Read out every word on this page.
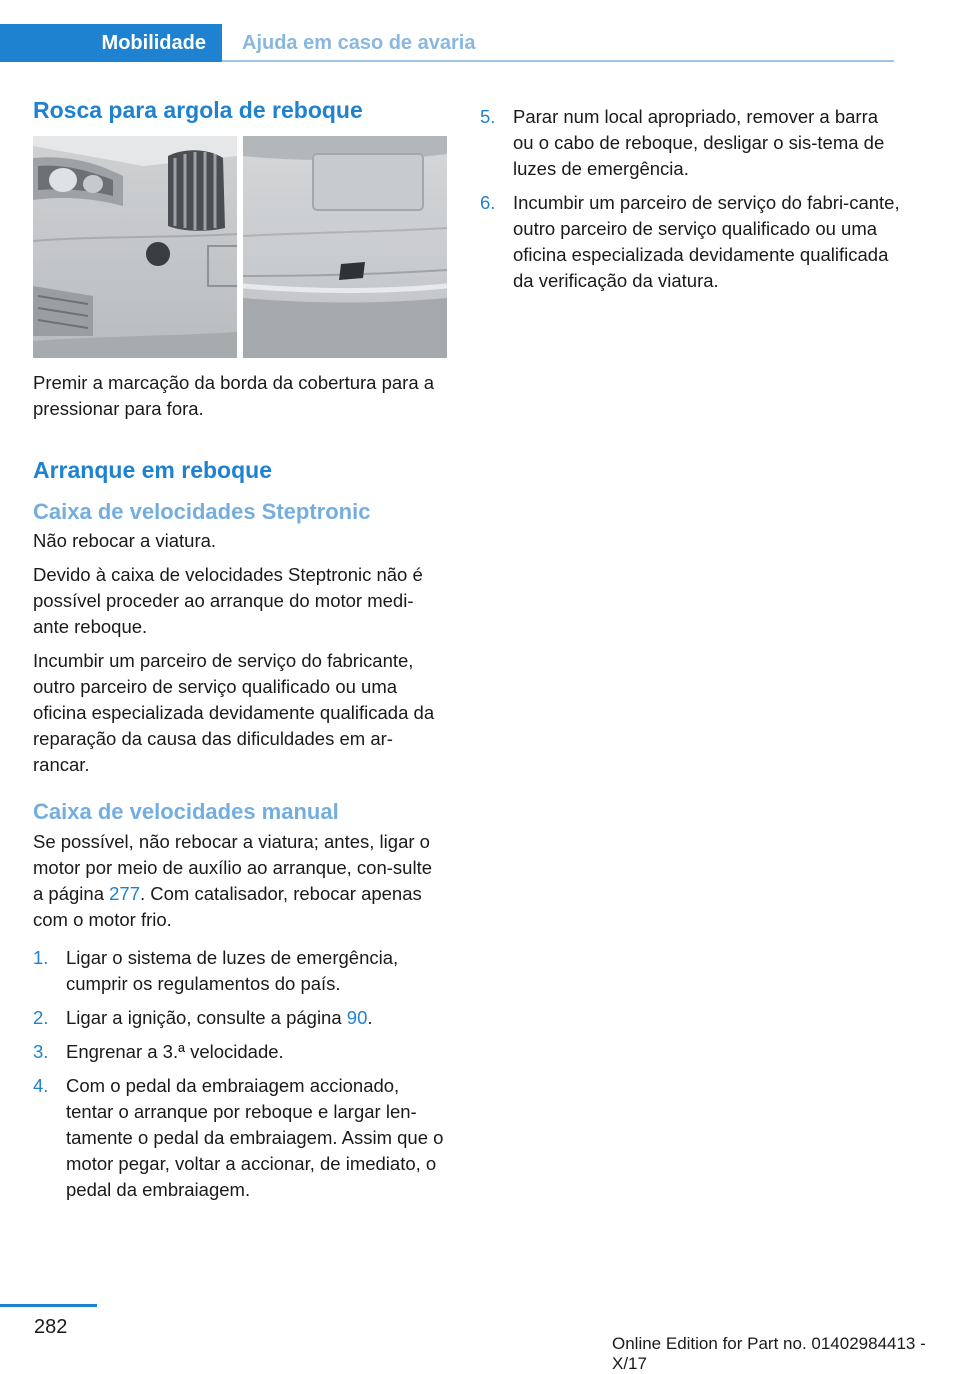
Mobilidade Ajuda em caso de avaria
Rosca para argola de reboque

Premir a marcação da borda da cobertura para a pressionar para fora.

Arranque em reboque
Caixa de velocidades Steptronic

Não rebocar a viatura.

Devido à caixa de velocidades Steptronic não é possível proceder ao arranque do motor medi‐ante reboque.

Incumbir um parceiro de serviço do fabricante, outro parceiro de serviço qualificado ou uma oficina especializada devidamente qualificada da reparação da causa das dificuldades em ar‐rancar.

Caixa de velocidades manual

Se possível, não rebocar a viatura; antes, ligar o motor por meio de auxílio ao arranque, con‐sulte a página 277. Com catalisador, rebocar apenas com o motor frio.

1. Ligar o sistema de luzes de emergência, cumprir os regulamentos do país.
2. Ligar a ignição, consulte a página 90.
3. Engrenar a 3.ª velocidade.
4. Com o pedal da embraiagem accionado, tentar o arranque por reboque e largar len‐tamente o pedal da embraiagem. Assim que o motor pegar, voltar a accionar, de imediato, o pedal da embraiagem.
5. Parar num local apropriado, remover a barra ou o cabo de reboque, desligar o sis‐tema de luzes de emergência.
6. Incumbir um parceiro de serviço do fabri‐cante, outro parceiro de serviço qualificado ou uma oficina especializada devidamente qualificada da verificação da viatura.
282
Online Edition for Part no. 01402984413 - X/17
